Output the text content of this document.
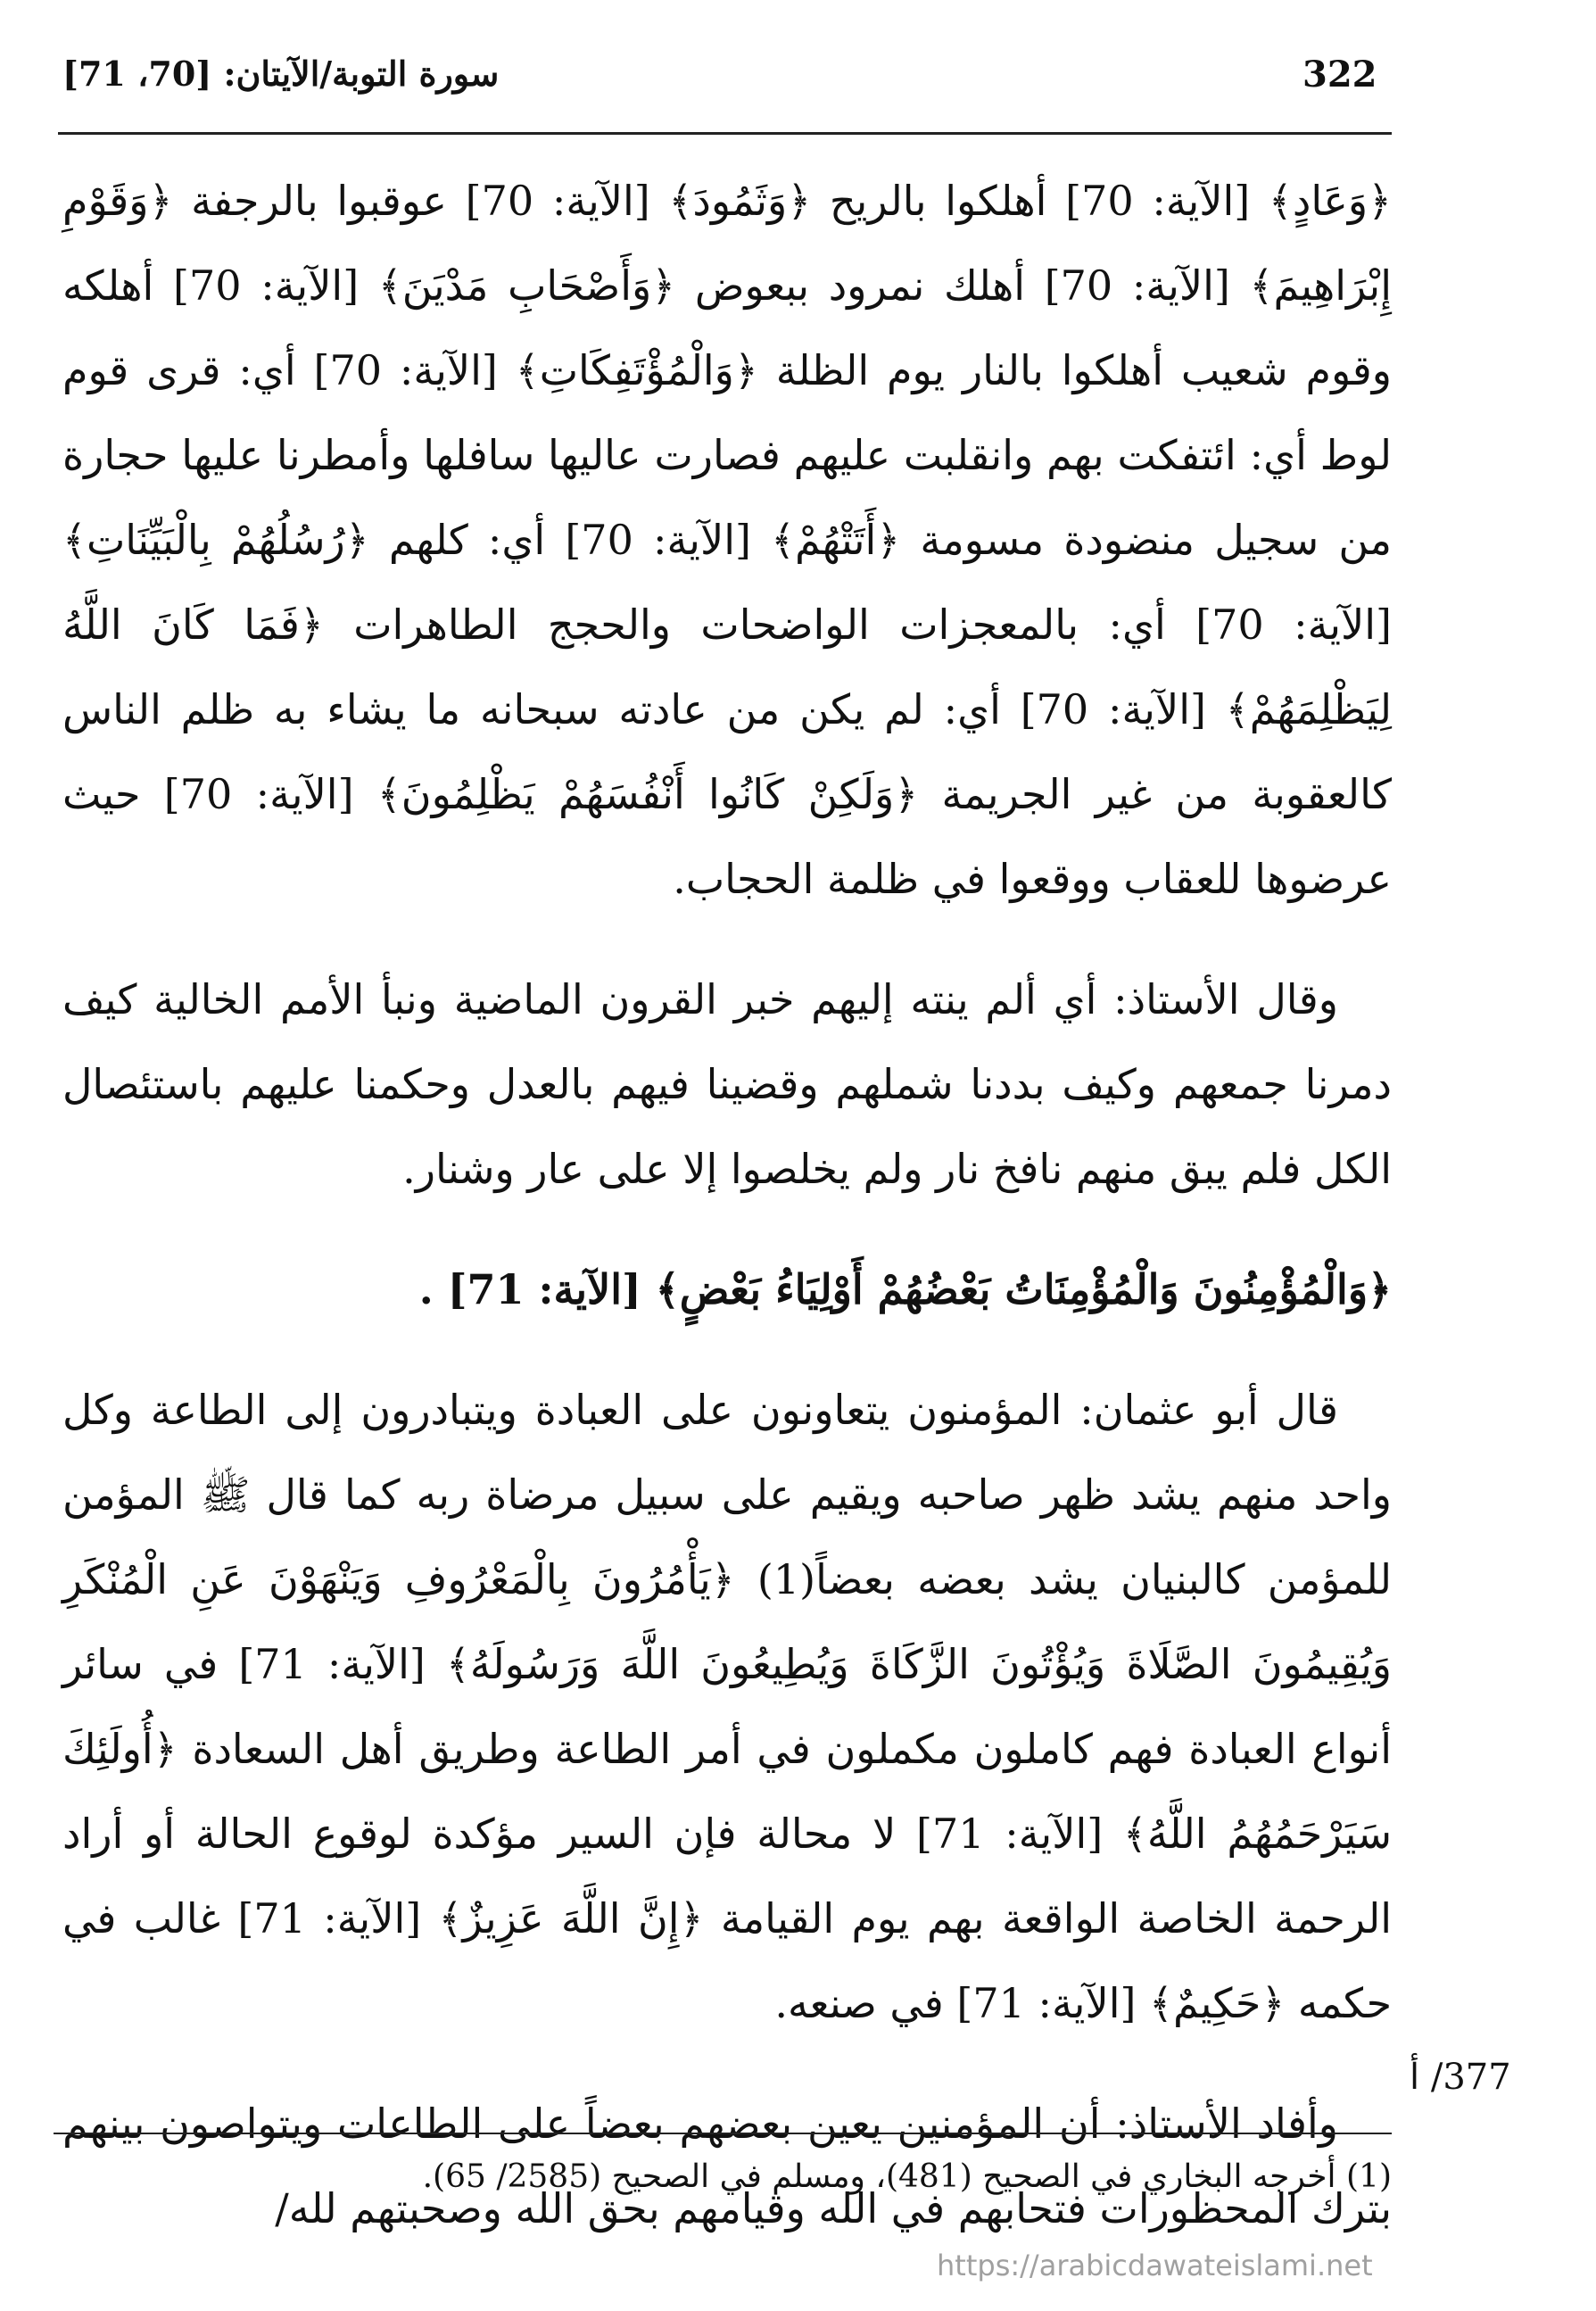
322
سورة التوبة/الآيتان: [70، 71]

﴿وَعَادٍ﴾ [الآية: 70] أهلكوا بالريح ﴿وَثَمُودَ﴾ [الآية: 70] عوقبوا بالرجفة ﴿وَقَوْمِ إِبْرَاهِيمَ﴾ [الآية: 70] أهلك نمرود ببعوض ﴿وَأَصْحَابِ مَدْيَنَ﴾ [الآية: 70] أهلكه وقوم شعيب أهلكوا بالنار يوم الظلة ﴿وَالْمُؤْتَفِكَاتِ﴾ [الآية: 70] أي: قرى قوم لوط أي: ائتفكت بهم وانقلبت عليهم فصارت عاليها سافلها وأمطرنا عليها حجارة من سجيل منضودة مسومة ﴿أَتَتْهُمْ﴾ [الآية: 70] أي: كلهم ﴿رُسُلُهُمْ بِالْبَيِّنَاتِ﴾ [الآية: 70] أي: بالمعجزات الواضحات والحجج الطاهرات ﴿فَمَا كَانَ اللَّهُ لِيَظْلِمَهُمْ﴾ [الآية: 70] أي: لم يكن من عادته سبحانه ما يشاء به ظلم الناس كالعقوبة من غير الجريمة ﴿وَلَكِنْ كَانُوا أَنْفُسَهُمْ يَظْلِمُونَ﴾ [الآية: 70] حيث عرضوها للعقاب ووقعوا في ظلمة الحجاب.

وقال الأستاذ: أي ألم ينته إليهم خبر القرون الماضية ونبأ الأمم الخالية كيف دمرنا جمعهم وكيف بددنا شملهم وقضينا فيهم بالعدل وحكمنا عليهم باستئصال الكل فلم يبق منهم نافخ نار ولم يخلصوا إلا على عار وشنار.

﴿وَالْمُؤْمِنُونَ وَالْمُؤْمِنَاتُ بَعْضُهُمْ أَوْلِيَاءُ بَعْضٍ﴾ [الآية: 71] .

قال أبو عثمان: المؤمنون يتعاونون على العبادة ويتبادرون إلى الطاعة وكل واحد منهم يشد ظهر صاحبه ويقيم على سبيل مرضاة ربه كما قال ﷺ المؤمن للمؤمن كالبنيان يشد بعضه بعضاً(1) ﴿يَأْمُرُونَ بِالْمَعْرُوفِ وَيَنْهَوْنَ عَنِ الْمُنْكَرِ وَيُقِيمُونَ الصَّلَاةَ وَيُؤْتُونَ الزَّكَاةَ وَيُطِيعُونَ اللَّهَ وَرَسُولَهُ﴾ [الآية: 71] في سائر أنواع العبادة فهم كاملون مكملون في أمر الطاعة وطريق أهل السعادة ﴿أُولَئِكَ سَيَرْحَمُهُمُ اللَّهُ﴾ [الآية: 71] لا محالة فإن السير مؤكدة لوقوع الحالة أو أراد الرحمة الخاصة الواقعة بهم يوم القيامة ﴿إِنَّ اللَّهَ عَزِيزٌ﴾ [الآية: 71] غالب في حكمه ﴿حَكِيمٌ﴾ [الآية: 71] في صنعه.

وأفاد الأستاذ: أن المؤمنين يعين بعضهم بعضاً على الطاعات ويتواصون بينهم بترك المحظورات فتحابهم في الله وقيامهم بحق الله وصحبتهم لله/

377/ أ
(1) أخرجه البخاري في الصحيح (481)، ومسلم في الصحيح (2585/ 65).
https://arabicdawateislami.net
